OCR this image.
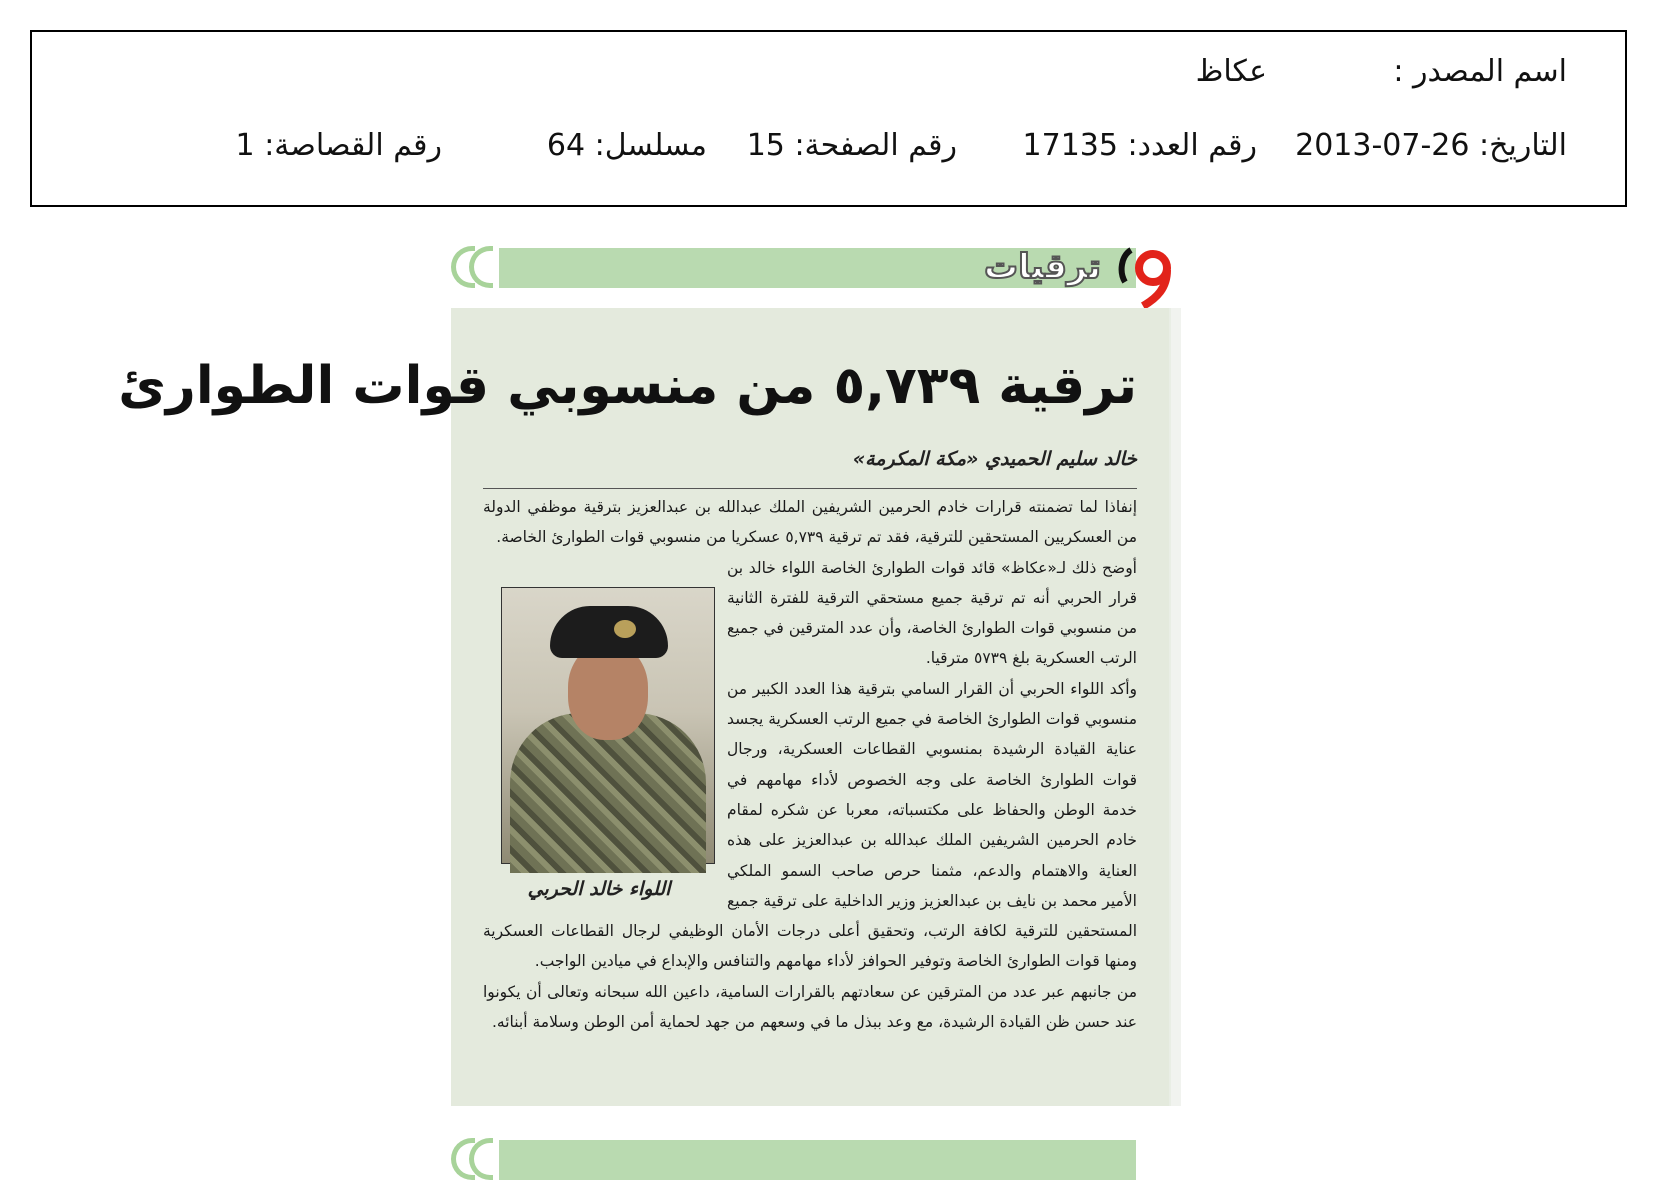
اسم المصدر :
عكاظ
التاريخ: 2013-07-26
رقم العدد: 17135
رقم الصفحة: 15
مسلسل: 64
رقم القصاصة: 1
ترقيات
ترقية ٥,٧٣٩ من منسوبي قوات الطوارئ
خالد سليم الحميدي «مكة المكرمة»

إنفاذا لما تضمنته قرارات خادم الحرمين الشريفين الملك عبدالله بن عبدالعزيز بترقية موظفي الدولة من العسكريين المستحقين للترقية، فقد تم ترقية ٥,٧٣٩ عسكريا من منسوبي قوات الطوارئ الخاصة.

اللواء خالد الحربي

أوضح ذلك لـ«عكاظ» قائد قوات الطوارئ الخاصة اللواء خالد بن قرار الحربي أنه تم ترقية جميع مستحقي الترقية للفترة الثانية من منسوبي قوات الطوارئ الخاصة، وأن عدد المترقين في جميع الرتب العسكرية بلغ ٥٧٣٩ مترقيا.

وأكد اللواء الحربي أن القرار السامي بترقية هذا العدد الكبير من منسوبي قوات الطوارئ الخاصة في جميع الرتب العسكرية يجسد عناية القيادة الرشيدة بمنسوبي القطاعات العسكرية، ورجال قوات الطوارئ الخاصة على وجه الخصوص لأداء مهامهم في خدمة الوطن والحفاظ على مكتسباته، معربا عن شكره لمقام خادم الحرمين الشريفين الملك عبدالله بن عبدالعزيز على هذه العناية والاهتمام والدعم، مثمنا حرص صاحب السمو الملكي الأمير محمد بن نايف بن عبدالعزيز وزير الداخلية على ترقية جميع المستحقين للترقية لكافة الرتب، وتحقيق أعلى درجات الأمان الوظيفي لرجال القطاعات العسكرية ومنها قوات الطوارئ الخاصة وتوفير الحوافز لأداء مهامهم والتنافس والإبداع في ميادين الواجب.

من جانبهم عبر عدد من المترقين عن سعادتهم بالقرارات السامية، داعين الله سبحانه وتعالى أن يكونوا عند حسن ظن القيادة الرشيدة، مع وعد ببذل ما في وسعهم من جهد لحماية أمن الوطن وسلامة أبنائه.
